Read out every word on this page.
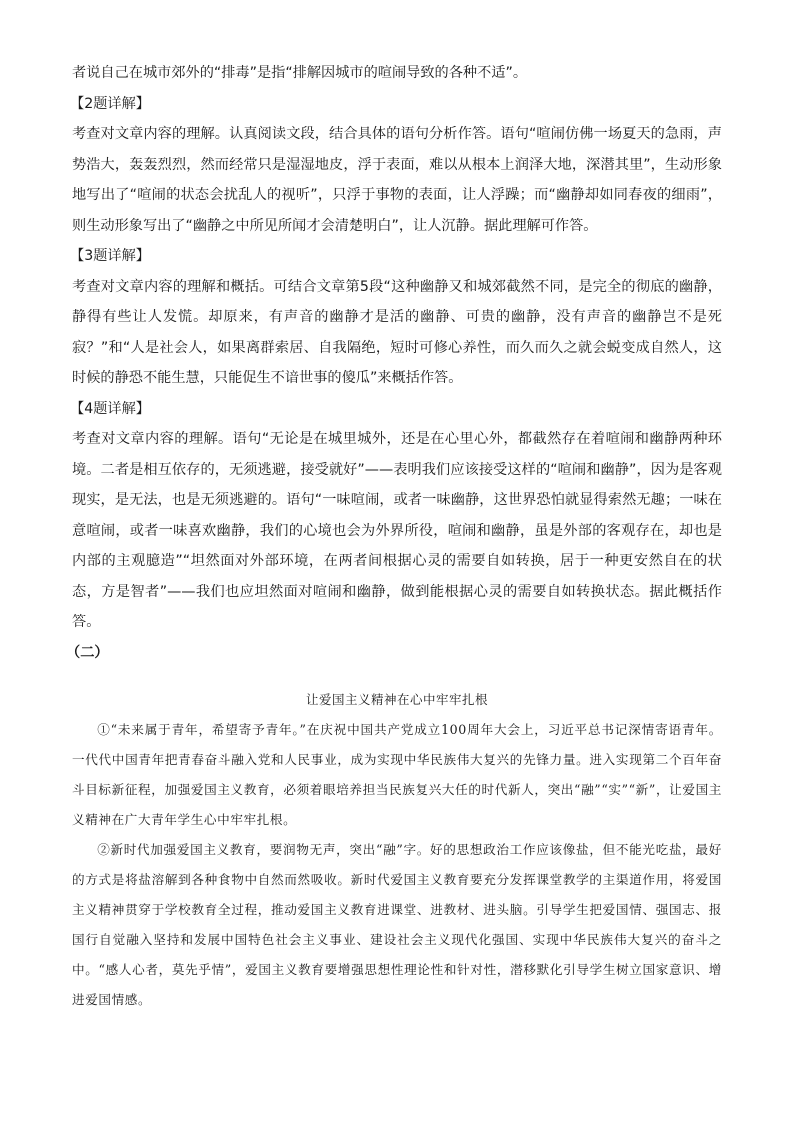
者说自己在城市郊外的“排毒”是指“排解因城市的喧闹导致的各种不适”。

【2题详解】

考查对文章内容的理解。认真阅读文段，结合具体的语句分析作答。语句“喧闹仿佛一场夏天的急雨，声势浩大，轰轰烈烈，然而经常只是湿湿地皮，浮于表面，难以从根本上润泽大地，深潜其里”，生动形象地写出了“喧闹的状态会扰乱人的视听”，只浮于事物的表面，让人浮躁；而“幽静却如同春夜的细雨”，则生动形象写出了“幽静之中所见所闻才会清楚明白”，让人沉静。据此理解可作答。

【3题详解】

考查对文章内容的理解和概括。可结合文章第5段“这种幽静又和城郊截然不同，是完全的彻底的幽静，静得有些让人发慌。却原来，有声音的幽静才是活的幽静、可贵的幽静，没有声音的幽静岂不是死寂？”和“人是社会人，如果离群索居、自我隔绝，短时可修心养性，而久而久之就会蜕变成自然人，这时候的静恐不能生慧，只能促生不谙世事的傻瓜”来概括作答。

【4题详解】

考查对文章内容的理解。语句“无论是在城里城外，还是在心里心外，都截然存在着喧闹和幽静两种环境。二者是相互依存的，无须逃避，接受就好”——表明我们应该接受这样的“喧闹和幽静”，因为是客观现实，是无法，也是无须逃避的。语句“一味喧闹，或者一味幽静，这世界恐怕就显得索然无趣；一味在意喧闹，或者一味喜欢幽静，我们的心境也会为外界所役，喧闹和幽静，虽是外部的客观存在，却也是内部的主观臆造”“坦然面对外部环境，在两者间根据心灵的需要自如转换，居于一种更安然自在的状态，方是智者”——我们也应坦然面对喧闹和幽静，做到能根据心灵的需要自如转换状态。据此概括作答。

（二）

让爱国主义精神在心中牢牢扎根

①“未来属于青年，希望寄予青年。”在庆祝中国共产党成立100周年大会上，习近平总书记深情寄语青年。一代代中国青年把青春奋斗融入党和人民事业，成为实现中华民族伟大复兴的先锋力量。进入实现第二个百年奋斗目标新征程，加强爱国主义教育，必须着眼培养担当民族复兴大任的时代新人，突出“融”“实”“新”，让爱国主义精神在广大青年学生心中牢牢扎根。

②新时代加强爱国主义教育，要润物无声，突出“融”字。好的思想政治工作应该像盐，但不能光吃盐，最好的方式是将盐溶解到各种食物中自然而然吸收。新时代爱国主义教育要充分发挥课堂教学的主渠道作用，将爱国主义精神贯穿于学校教育全过程，推动爱国主义教育进课堂、进教材、进头脑。引导学生把爱国情、强国志、报国行自觉融入坚持和发展中国特色社会主义事业、建设社会主义现代化强国、实现中华民族伟大复兴的奋斗之中。“感人心者，莫先乎情”，爱国主义教育要增强思想性理论性和针对性，潜移默化引导学生树立国家意识、增进爱国情感。
